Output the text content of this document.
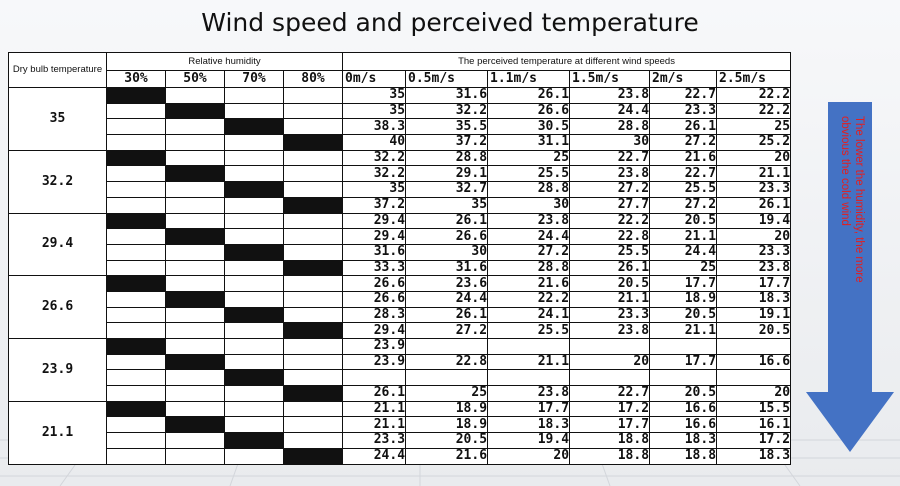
Wind speed and perceived temperature
Dry bulb temperature	Relative humidity				The perceived temperature at different wind speeds					
	30%	50%	70%	80%	0m/s	0.5m/s	1.1m/s	1.5m/s	2m/s	2.5m/s
35					35	31.6	26.1	23.8	22.7	22.2
					35	32.2	26.6	24.4	23.3	22.2
					38.3	35.5	30.5	28.8	26.1	25
					40	37.2	31.1	30	27.2	25.2
32.2					32.2	28.8	25	22.7	21.6	20
					32.2	29.1	25.5	23.8	22.7	21.1
					35	32.7	28.8	27.2	25.5	23.3
					37.2	35	30	27.7	27.2	26.1
29.4					29.4	26.1	23.8	22.2	20.5	19.4
					29.4	26.6	24.4	22.8	21.1	20
					31.6	30	27.2	25.5	24.4	23.3
					33.3	31.6	28.8	26.1	25	23.8
26.6					26.6	23.6	21.6	20.5	17.7	17.7
					26.6	24.4	22.2	21.1	18.9	18.3
					28.3	26.1	24.1	23.3	20.5	19.1
					29.4	27.2	25.5	23.8	21.1	20.5
23.9					23.9					
					23.9	22.8	21.1	20	17.7	16.6

					26.1	25	23.8	22.7	20.5	20
21.1					21.1	18.9	17.7	17.2	16.6	15.5
					21.1	18.9	18.3	17.7	16.6	16.1
					23.3	20.5	19.4	18.8	18.3	17.2
					24.4	21.6	20	18.8	18.8	18.3
The lower the humidity, the more
obvious the cold wind
